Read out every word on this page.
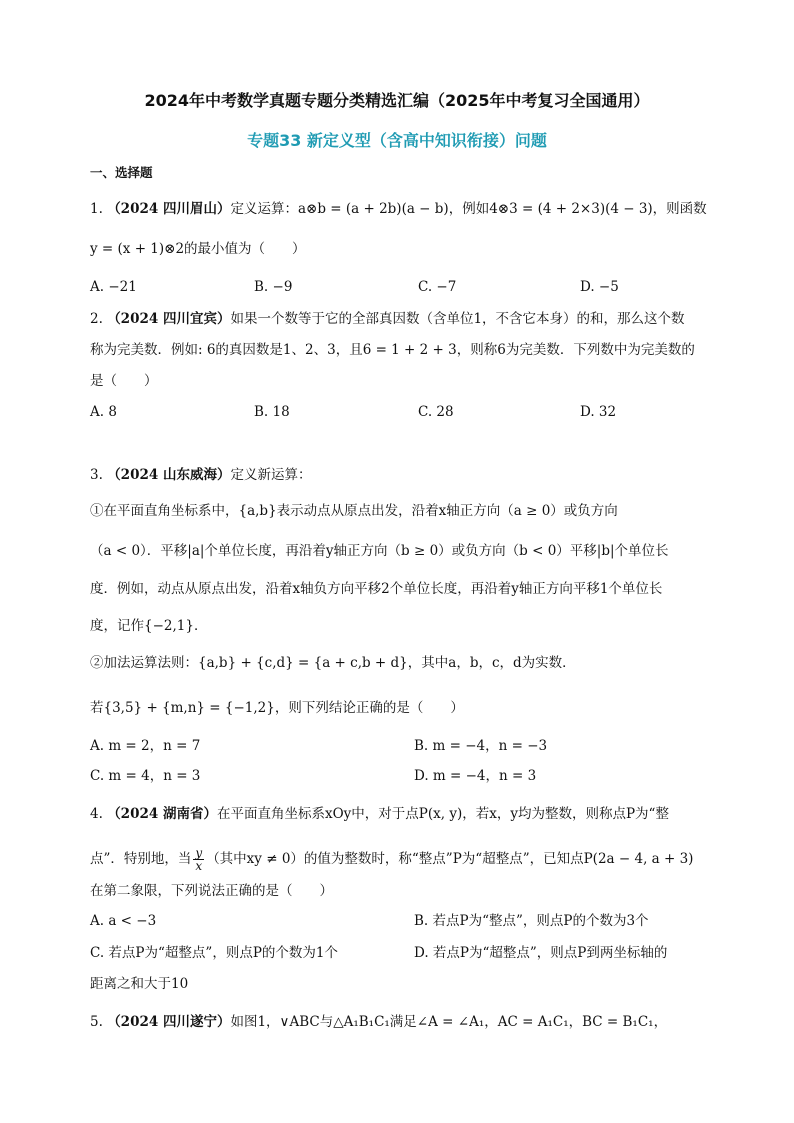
2024年中考数学真题专题分类精选汇编（2025年中考复习全国通用）
专题33 新定义型（含高中知识衔接）问题
一、选择题
1. （2024 四川眉山）定义运算：a⊗b = (a + 2b)(a − b)，例如4⊗3 = (4 + 2×3)(4 − 3)，则函数
y = (x + 1)⊗2的最小值为（　　）
A. −21	B. −9	C. −7	D. −5
2. （2024 四川宜宾）如果一个数等于它的全部真因数（含单位1，不含它本身）的和，那么这个数
称为完美数．例如: 6的真因数是1、2、3，且6 = 1 + 2 + 3，则称6为完美数．下列数中为完美数的
是（　　）
A. 8	B. 18	C. 28	D. 32
3. （2024 山东威海）定义新运算：
①在平面直角坐标系中，{a,b}表示动点从原点出发，沿着x轴正方向（a ≥ 0）或负方向
（a < 0）．平移|a|个单位长度，再沿着y轴正方向（b ≥ 0）或负方向（b < 0）平移|b|个单位长
度．例如，动点从原点出发，沿着x轴负方向平移2个单位长度，再沿着y轴正方向平移1个单位长
度，记作{−2,1}．
②加法运算法则：{a,b} + {c,d} = {a + c,b + d}，其中a，b，c，d为实数．
若{3,5} + {m,n} = {−1,2}，则下列结论正确的是（　　）
A. m = 2，n = 7	B. m = −4，n = −3
C. m = 4，n = 3	D. m = −4，n = 3
4. （2024 湖南省）在平面直角坐标系xOy中，对于点P(x, y)，若x，y均为整数，则称点P为“整
点”．特别地，当 $\frac{y}{x}$ （其中xy ≠ 0）的值为整数时，称“整点”P为“超整点”，已知点P(2a − 4, a + 3)
在第二象限，下列说法正确的是（　　）
A. a < −3	B. 若点P为“整点”，则点P的个数为3个
C. 若点P为“超整点”，则点P的个数为1个	D. 若点P为“超整点”，则点P到两坐标轴的
距离之和大于10
5. （2024 四川遂宁）如图1，∨ABC与△A₁B₁C₁满足∠A = ∠A₁，AC = A₁C₁，BC = B₁C₁，
